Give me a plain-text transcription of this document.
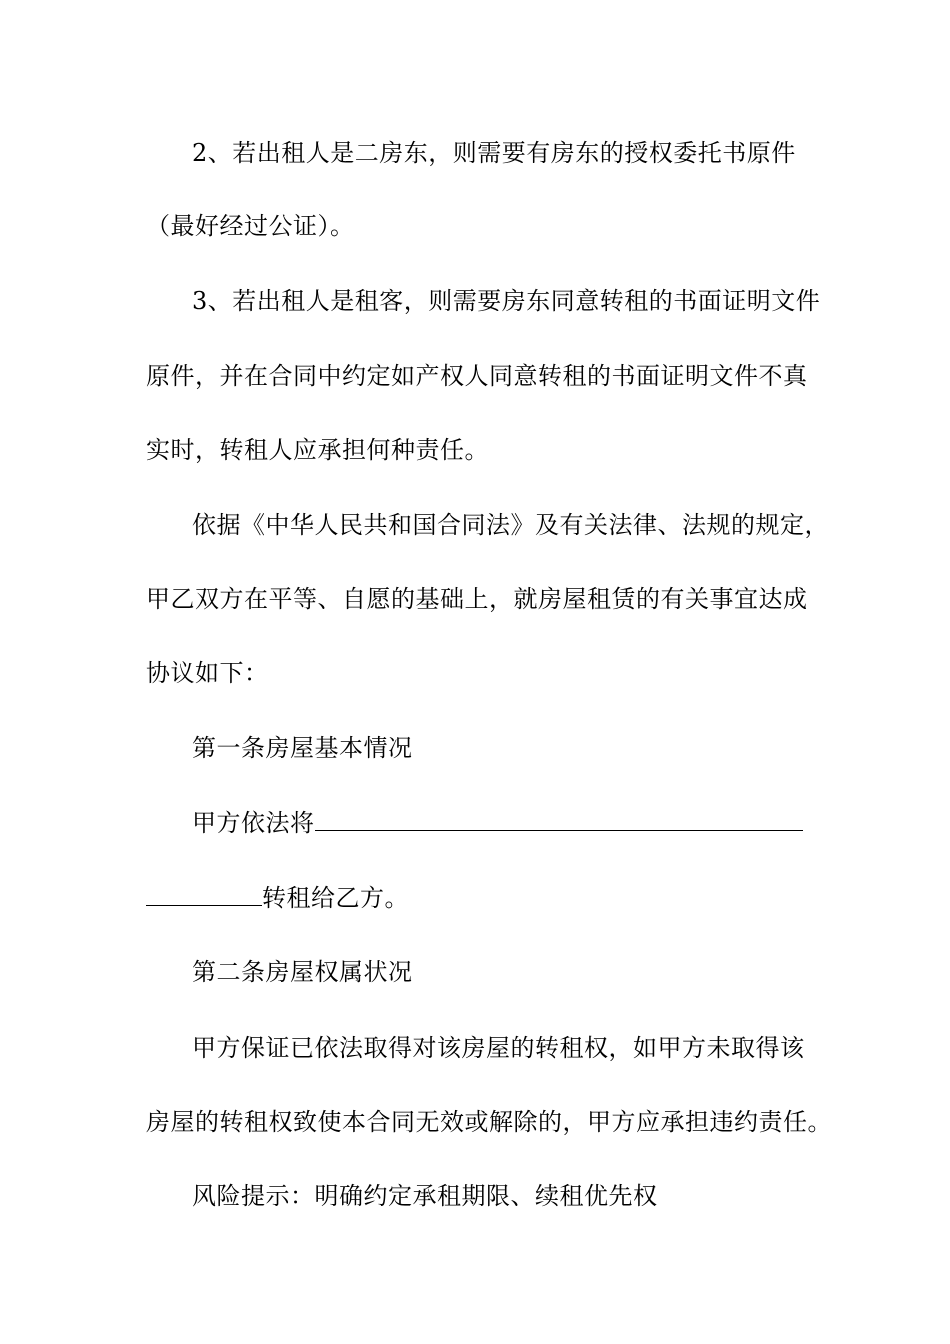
2、若出租人是二房东，则需要有房东的授权委托书原件
（最好经过公证）。
3、若出租人是租客，则需要房东同意转租的书面证明文件
原件，并在合同中约定如产权人同意转租的书面证明文件不真
实时，转租人应承担何种责任。
依据《中华人民共和国合同法》及有关法律、法规的规定，
甲乙双方在平等、自愿的基础上，就房屋租赁的有关事宜达成
协议如下：
第一条房屋基本情况
甲方依法将
转租给乙方。
第二条房屋权属状况
甲方保证已依法取得对该房屋的转租权，如甲方未取得该
房屋的转租权致使本合同无效或解除的，甲方应承担违约责任。
风险提示：明确约定承租期限、续租优先权
